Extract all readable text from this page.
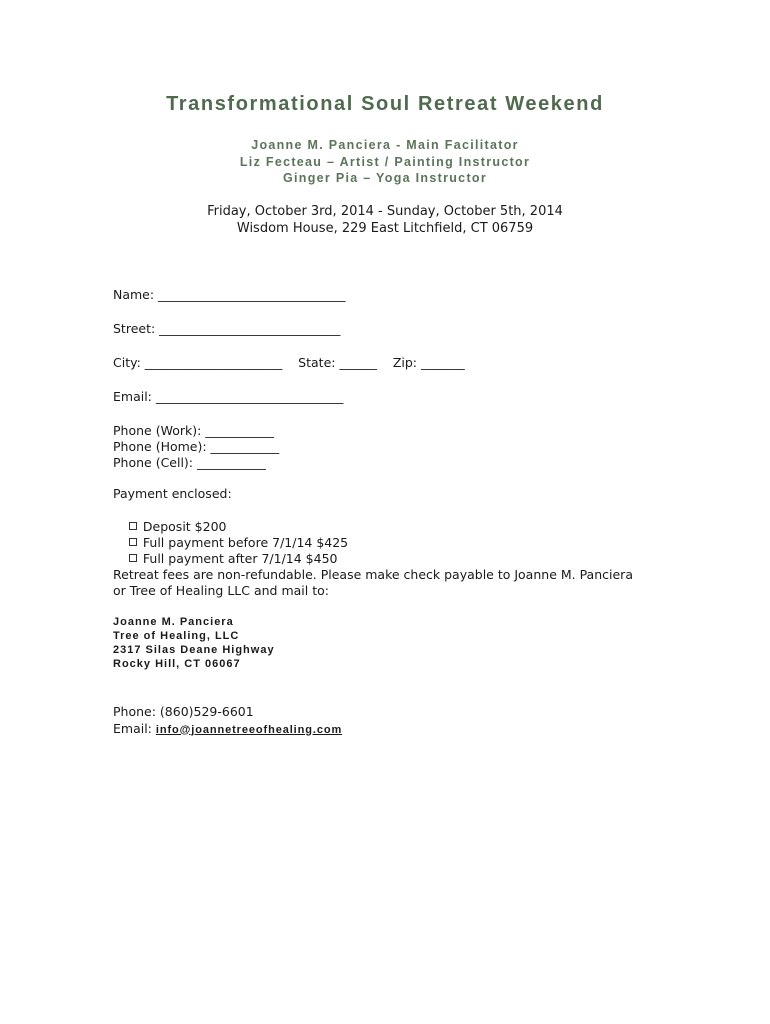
Transformational Soul Retreat Weekend
Joanne M. Panciera - Main Facilitator
Liz Fecteau – Artist / Painting Instructor
Ginger Pia – Yoga Instructor
Friday, October 3rd, 2014 - Sunday, October 5th, 2014
Wisdom House, 229 East Litchfield, CT 06759
Name: ______________________________
Street: _____________________________
City: ______________________    State: ______    Zip: _______
Email: ______________________________
Phone (Work): ___________
Phone (Home): ___________
Phone (Cell): ___________
Payment enclosed:

Deposit $200

Full payment before 7/1/14 $425

Full payment after 7/1/14 $450

Retreat fees are non-refundable. Please make check payable to Joanne M. Panciera
or Tree of Healing LLC and mail to:
Joanne M. Panciera
Tree of Healing, LLC
2317 Silas Deane Highway
Rocky Hill, CT 06067
Phone: (860)529-6601
Email: info@joannetreeofhealing.com
